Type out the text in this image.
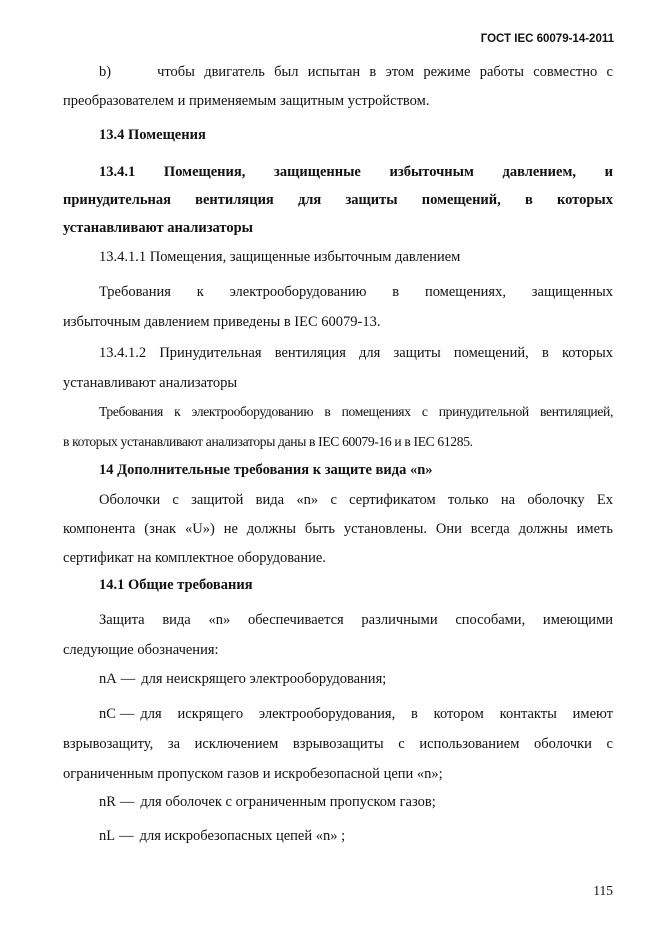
ГОСТ IEC 60079-14-2011

b)	чтобы двигатель был испытан в этом режиме работы совместно с
преобразователем и применяемым защитным устройством.

13.4 Помещения

13.4.1 Помещения, защищенные избыточным давлением, и
принудительная вентиляция для защиты помещений, в которых
устанавливают анализаторы

13.4.1.1 Помещения, защищенные избыточным давлением

Требования к электрооборудованию в помещениях, защищенных
избыточным давлением приведены в IEC 60079-13.

13.4.1.2 Принудительная вентиляция для защиты помещений, в которых
устанавливают анализаторы

Требования к электрооборудованию в помещениях с принудительной вентиляцией,
в которых устанавливают анализаторы даны в IEC 60079-16 и в IEC 61285.

14 Дополнительные требования к защите вида «n»

Оболочки с защитой вида «n» с сертификатом только на оболочку Ex
компонента (знак «U») не должны быть установлены. Они всегда должны иметь
сертификат на комплектное оборудование.

14.1 Общие требования

Защита вида «n» обеспечивается различными способами, имеющими
следующие обозначения:

nA — для неискрящего электрооборудования;

nC — для искрящего электрооборудования, в котором контакты имеют
взрывозащиту, за исключением взрывозащиты с использованием оболочки с
ограниченным пропуском газов и искробезопасной цепи «n»;

nR — для оболочек с ограниченным пропуском газов;

nL — для искробезопасных цепей «n» ;

115
